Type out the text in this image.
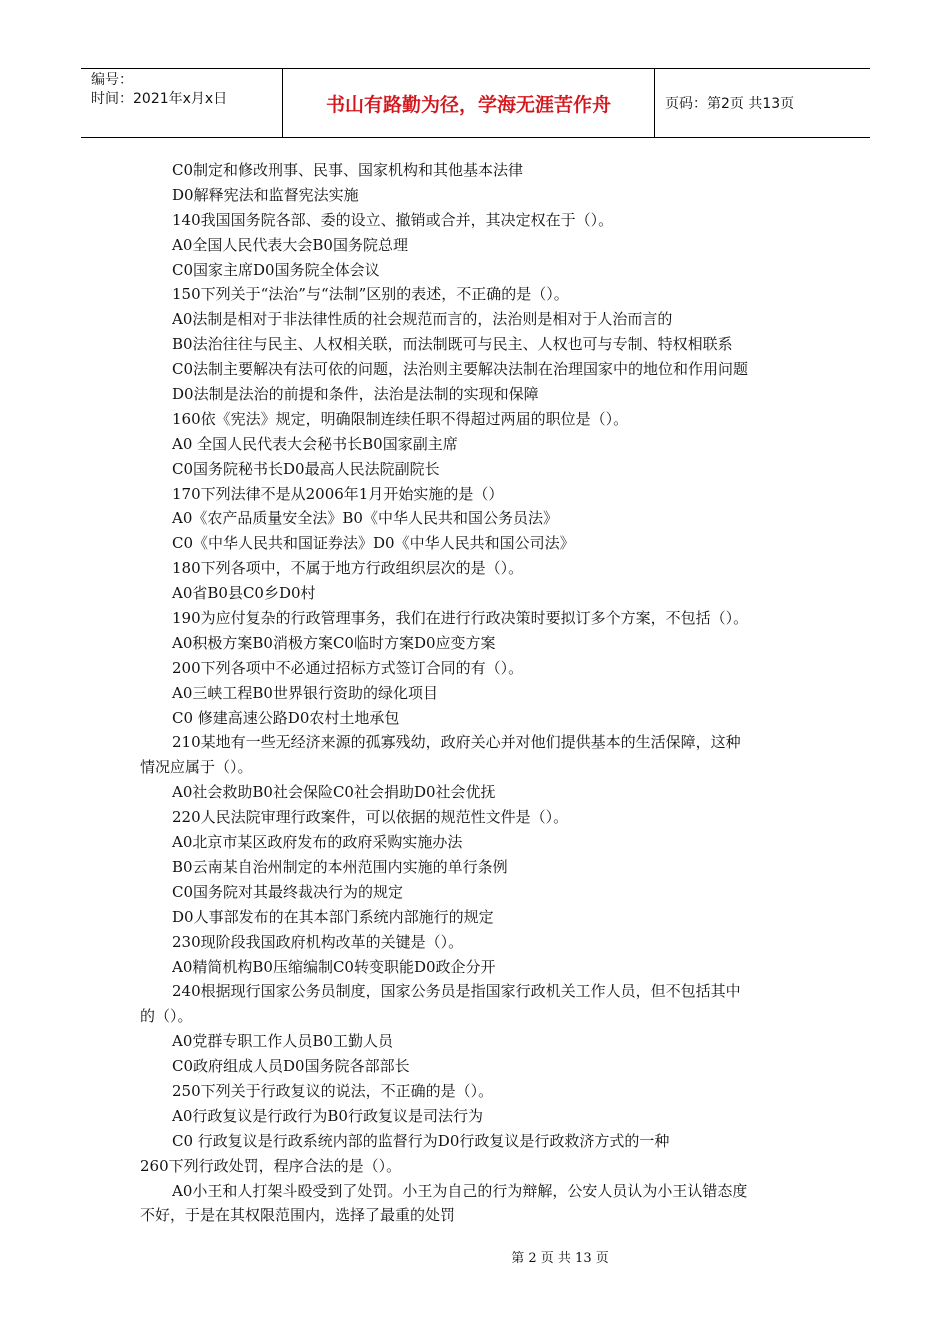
编号：
时间：2021年x月x日	书山有路勤为径，学海无涯苦作舟	页码：第2页 共13页
C0制定和修改刑事、民事、国家机构和其他基本法律
D0解释宪法和监督宪法实施
140我国国务院各部、委的设立、撤销或合并，其决定权在于（）。
A0全国人民代表大会B0国务院总理
C0国家主席D0国务院全体会议
150下列关于“法治”与“法制”区别的表述，不正确的是（）。
A0法制是相对于非法律性质的社会规范而言的，法治则是相对于人治而言的
B0法治往往与民主、人权相关联，而法制既可与民主、人权也可与专制、特权相联系
C0法制主要解决有法可依的问题，法治则主要解决法制在治理国家中的地位和作用问题
D0法制是法治的前提和条件，法治是法制的实现和保障
160依《宪法》规定，明确限制连续任职不得超过两届的职位是（）。
A0 全国人民代表大会秘书长B0国家副主席
C0国务院秘书长D0最高人民法院副院长
170下列法律不是从2006年1月开始实施的是（）
A0《农产品质量安全法》B0《中华人民共和国公务员法》
C0《中华人民共和国证券法》D0《中华人民共和国公司法》
180下列各项中，不属于地方行政组织层次的是（）。
A0省B0县C0乡D0村
190为应付复杂的行政管理事务，我们在进行行政决策时要拟订多个方案，不包括（）。
A0积极方案B0消极方案C0临时方案D0应变方案
200下列各项中不必通过招标方式签订合同的有（）。
A0三峡工程B0世界银行资助的绿化项目
C0 修建高速公路D0农村土地承包
210某地有一些无经济来源的孤寡残幼，政府关心并对他们提供基本的生活保障，这种
情况应属于（）。
A0社会救助B0社会保险C0社会捐助D0社会优抚
220人民法院审理行政案件，可以依据的规范性文件是（）。
A0北京市某区政府发布的政府采购实施办法
B0云南某自治州制定的本州范围内实施的单行条例
C0国务院对其最终裁决行为的规定
D0人事部发布的在其本部门系统内部施行的规定
230现阶段我国政府机构改革的关键是（）。
A0精简机构B0压缩编制C0转变职能D0政企分开
240根据现行国家公务员制度，国家公务员是指国家行政机关工作人员，但不包括其中
的（）。
A0党群专职工作人员B0工勤人员
C0政府组成人员D0国务院各部部长
250下列关于行政复议的说法，不正确的是（）。
A0行政复议是行政行为B0行政复议是司法行为
C0 行政复议是行政系统内部的监督行为D0行政复议是行政救济方式的一种
260下列行政处罚，程序合法的是（）。
A0小王和人打架斗殴受到了处罚。小王为自己的行为辩解，公安人员认为小王认错态度
不好，于是在其权限范围内，选择了最重的处罚
第 2 页 共 13 页
